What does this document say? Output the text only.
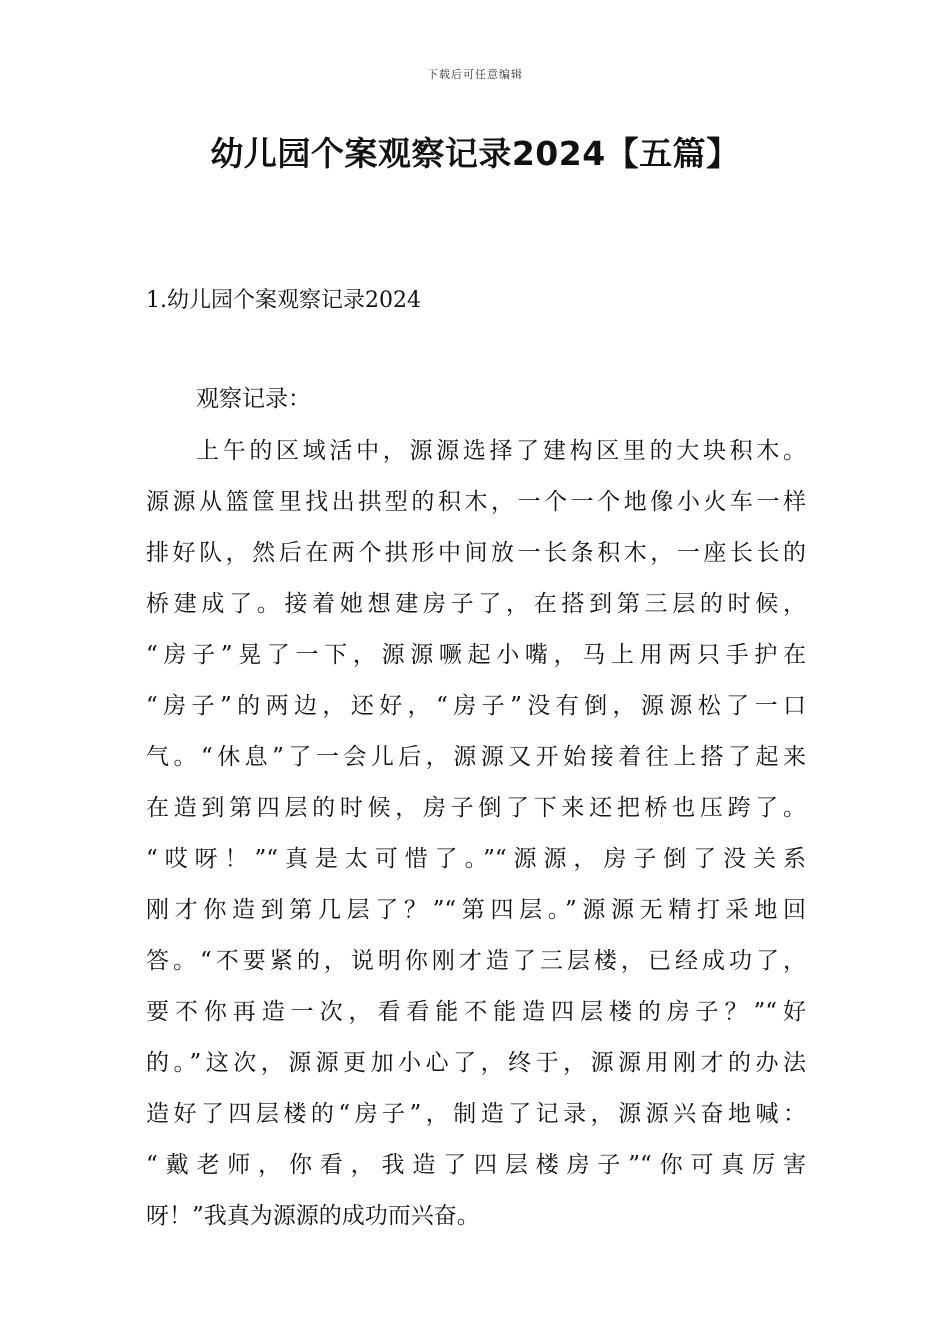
下载后可任意编辑
幼儿园个案观察记录2024【五篇】

1.幼儿园个案观察记录2024

观察记录：

上午的区域活中，源源选择了建构区里的大块积木。
源源从篮筐里找出拱型的积木，一个一个地像小火车一样
排好队，然后在两个拱形中间放一长条积木，一座长长的
桥建成了。接着她想建房子了，在搭到第三层的时候，
“房子”晃了一下，源源噘起小嘴，马上用两只手护在
“房子”的两边，还好，“房子”没有倒，源源松了一口
气。“休息”了一会儿后，源源又开始接着往上搭了起来
在造到第四层的时候，房子倒了下来还把桥也压跨了。
“哎呀！”“真是太可惜了。”“源源，房子倒了没关系
刚才你造到第几层了？”“第四层。”源源无精打采地回
答。“不要紧的，说明你刚才造了三层楼，已经成功了，
要不你再造一次，看看能不能造四层楼的房子？”“好
的。”这次，源源更加小心了，终于，源源用刚才的办法
造好了四层楼的“房子”，制造了记录，源源兴奋地喊：
“戴老师，你看，我造了四层楼房子”“你可真厉害
呀！”我真为源源的成功而兴奋。
